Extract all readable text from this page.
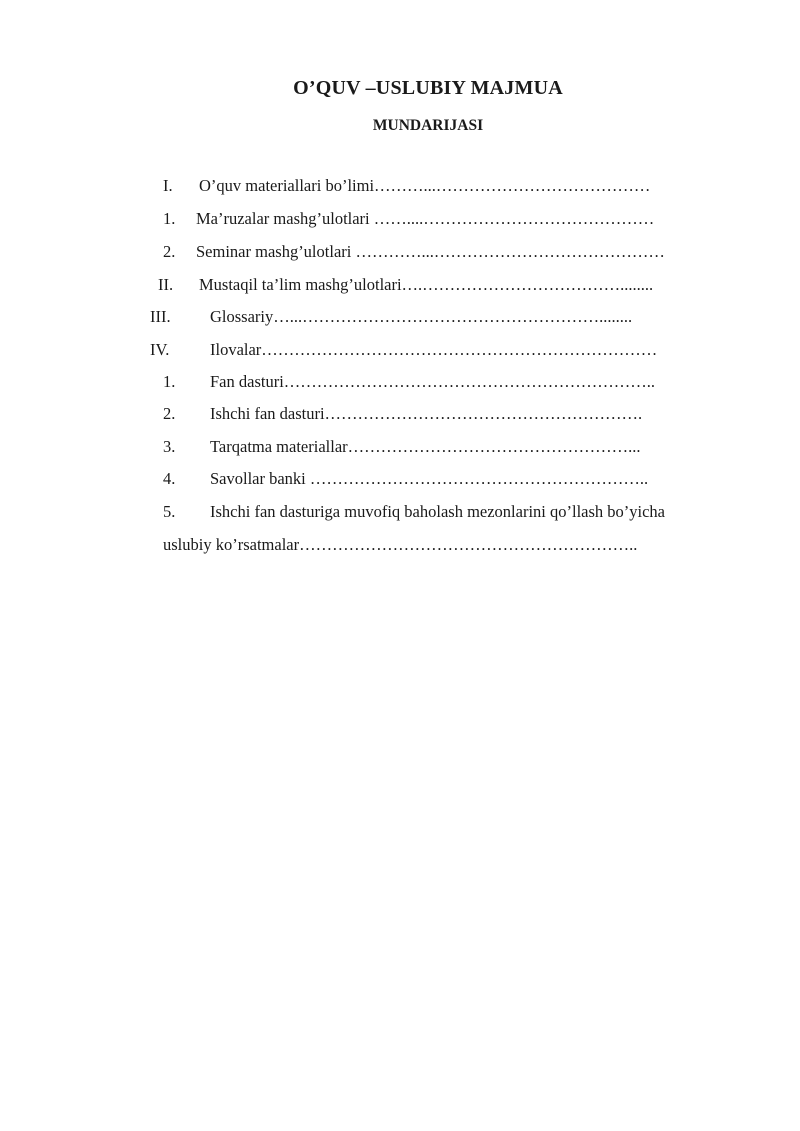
O’QUV –USLUBIY MAJMUA
MUNDARIJASI
I. O’quv materiallari bo’limi………...…………………………………
1. Ma’ruzalar mashg’ulotlari ……....……………………………………
2. Seminar mashg’ulotlari …………...……………………………………
II. Mustaqil ta’lim mashg’ulotlari….………………………………........
III. Glossariy…...………………………………………………........
IV. Ilovalar………………………………………………………………
1. Fan dasturi…………………………………………………………..
2. Ishchi fan dasturi………………………………………………….
3. Tarqatma materiallar……………………………………………...
4. Savollar banki ……………………………………………………..
5. Ishchi fan dasturiga muvofiq baholash mezonlarini qo’llash bo’yicha
uslubiy ko’rsatmalar……………………………………………………..
